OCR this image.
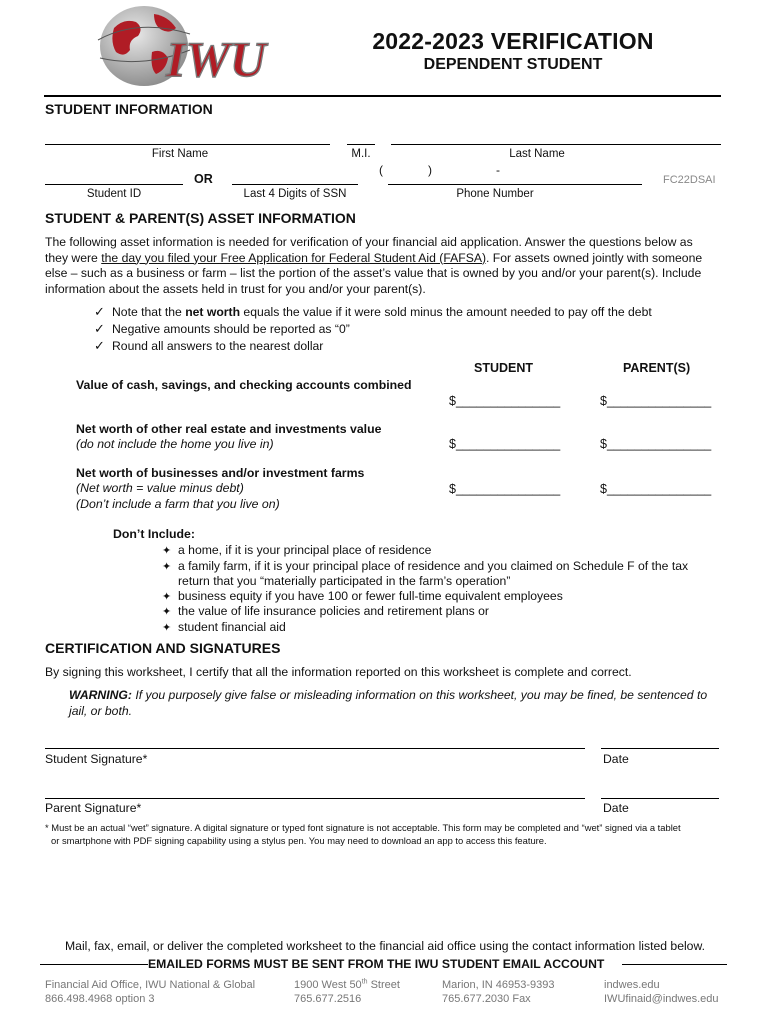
IWU	2022-2023 VERIFICATION
DEPENDENT STUDENT
STUDENT INFORMATION
First Name	M.I.	Last Name
(	)	-
OR	FC22DSAI
Student ID	Last 4 Digits of SSN	Phone Number
STUDENT & PARENT(S) ASSET INFORMATION
The following asset information is needed for verification of your financial aid application. Answer the questions below as
they were the day you filed your Free Application for Federal Student Aid (FAFSA). For assets owned jointly with someone
else – such as a business or farm – list the portion of the asset’s value that is owned by you and/or your parent(s). Include
information about the assets held in trust for you and/or your parent(s).
✓ Note that the net worth equals the value if it were sold minus the amount needed to pay off the debt
✓ Negative amounts should be reported as “0”
✓ Round all answers to the nearest dollar
STUDENT	PARENT(S)
Value of cash, savings, and checking accounts combined
$_______________	$_______________
Net worth of other real estate and investments value
(do not include the home you live in)	$_______________	$_______________
Net worth of businesses and/or investment farms
(Net worth = value minus debt)
(Don’t include a farm that you live on)
$_______________	$_______________
Don’t Include:
✦ a home, if it is your principal place of residence
✦ a family farm, if it is your principal place of residence and you claimed on Schedule F of the tax
return that you “materially participated in the farm’s operation”
✦ business equity if you have 100 or fewer full-time equivalent employees
✦ the value of life insurance policies and retirement plans or
✦ student financial aid
CERTIFICATION AND SIGNATURES
By signing this worksheet, I certify that all the information reported on this worksheet is complete and correct.
WARNING: If you purposely give false or misleading information on this worksheet, you may be fined, be sentenced to
jail, or both.
Student Signature*	Date
Parent Signature*	Date
* Must be an actual “wet” signature. A digital signature or typed font signature is not acceptable. This form may be completed and “wet” signed via a tablet
or smartphone with PDF signing capability using a stylus pen. You may need to download an app to access this feature.
Mail, fax, email, or deliver the completed worksheet to the financial aid office using the contact information listed below.
EMAILED FORMS MUST BE SENT FROM THE IWU STUDENT EMAIL ACCOUNT
Financial Aid Office, IWU National & Global
866.498.4968 option 3
1900 West 50th Street
765.677.2516
Marion, IN 46953-9393
765.677.2030 Fax
indwes.edu
IWUfinaid@indwes.edu
